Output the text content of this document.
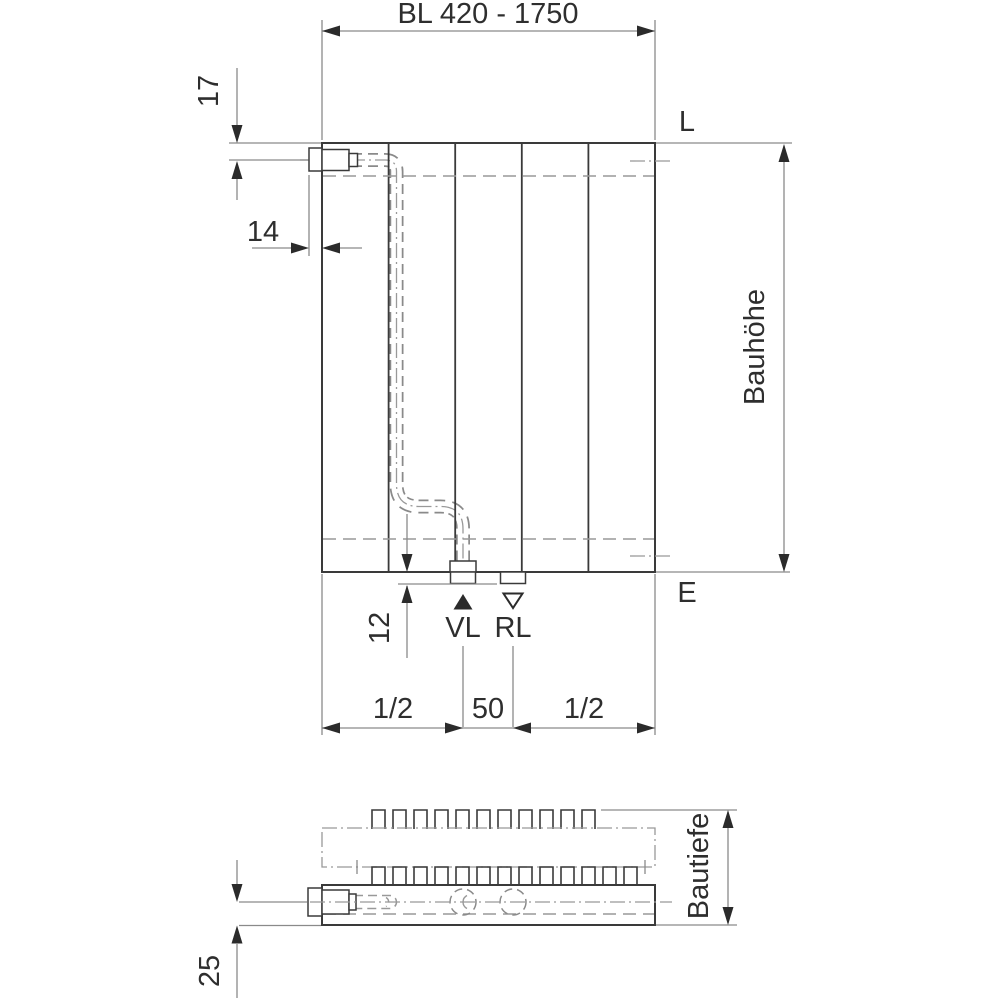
BL 420 - 1750
17
14
12 VL RL
1/2 50 1/2
L
E
Bauhöhe
Bautiefe
25
